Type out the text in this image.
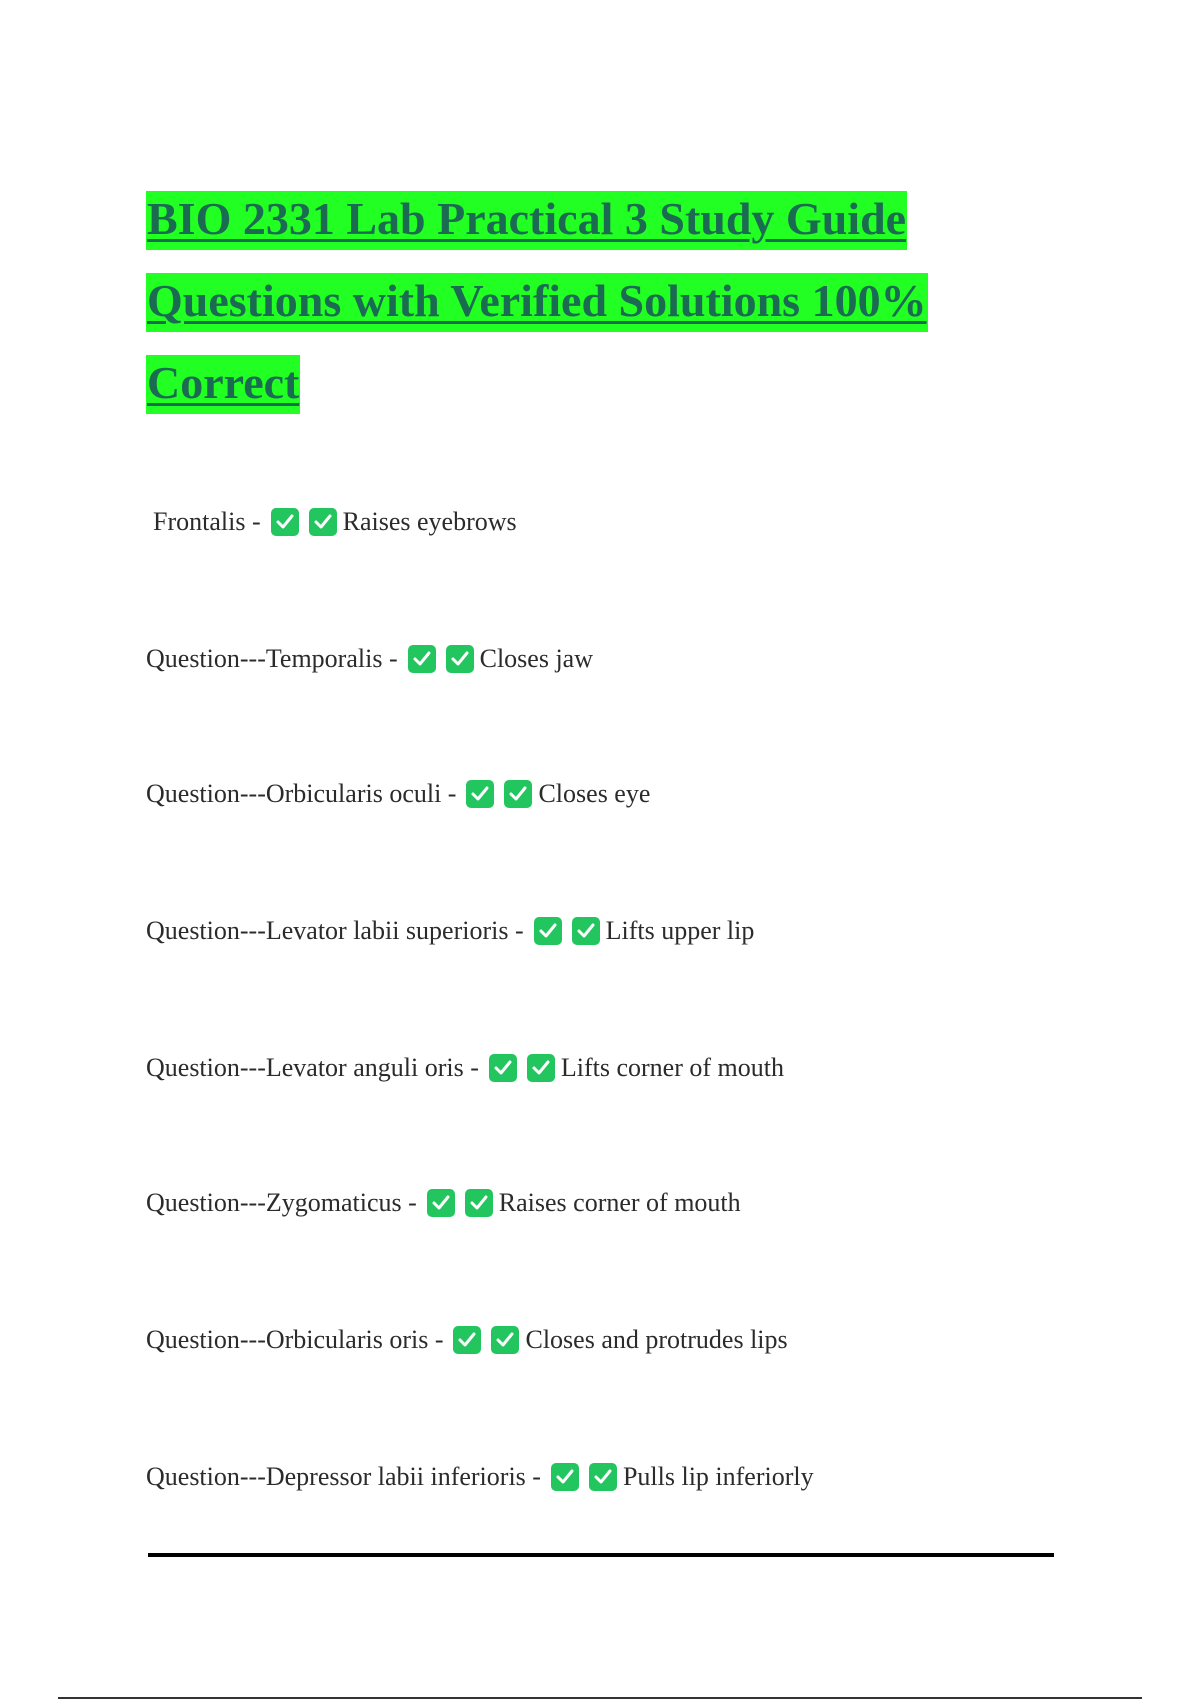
BIO 2331 Lab Practical 3 Study Guide
Questions with Verified Solutions 100%
Correct
Frontalis -	Raises eyebrows
Question---Temporalis -	Closes jaw
Question---Orbicularis oculi -	Closes eye
Question---Levator labii superioris -	Lifts upper lip
Question---Levator anguli oris -	Lifts corner of mouth
Question---Zygomaticus -	Raises corner of mouth
Question---Orbicularis oris -	Closes and protrudes lips
Question---Depressor labii inferioris -	Pulls lip inferiorly
